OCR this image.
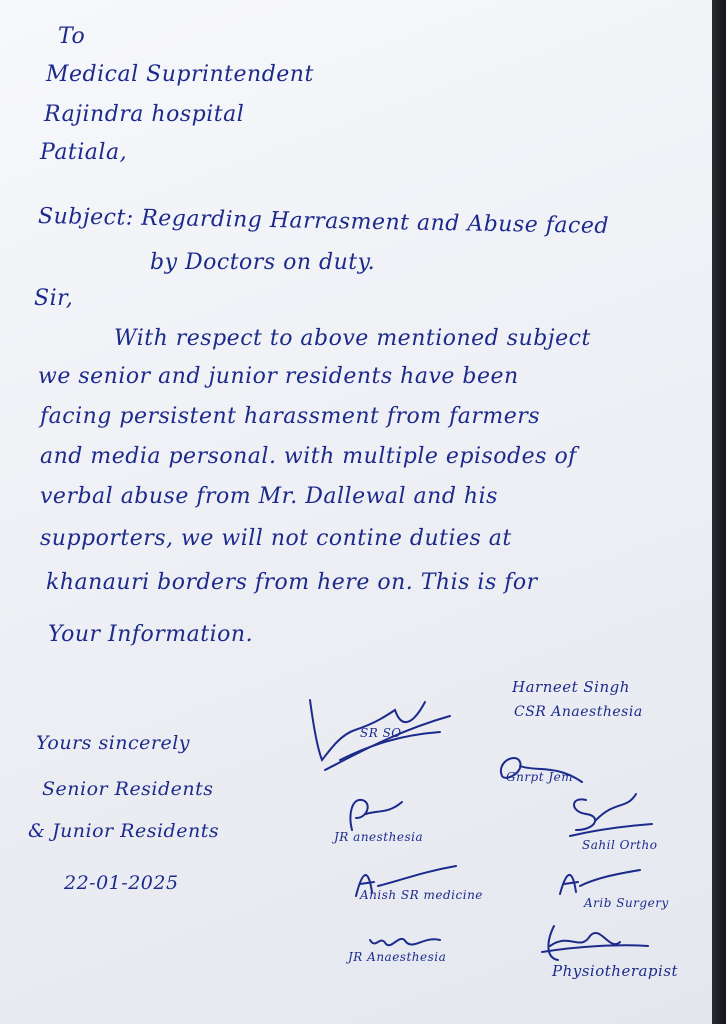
To
Medical Suprintendent
Rajindra hospital
Patiala,
Subject: Regarding Harrasment and Abuse faced
by Doctors on duty.
Sir,
With respect to above mentioned subject
we senior and junior residents have been
facing persistent harassment from farmers
and media personal. with multiple episodes of
verbal abuse from Mr. Dallewal and his
supporters, we will not contine duties at
khanauri borders from here on. This is for
Your Information.
Yours sincerely
Senior Residents
& Junior Residents
22-01-2025
Harneet Singh
CSR Anaesthesia
SR SO
Gnrpt Jem
Sahil Ortho
JR anesthesia
Anish SR medicine
Arib Surgery
JR Anaesthesia
Physiotherapist
